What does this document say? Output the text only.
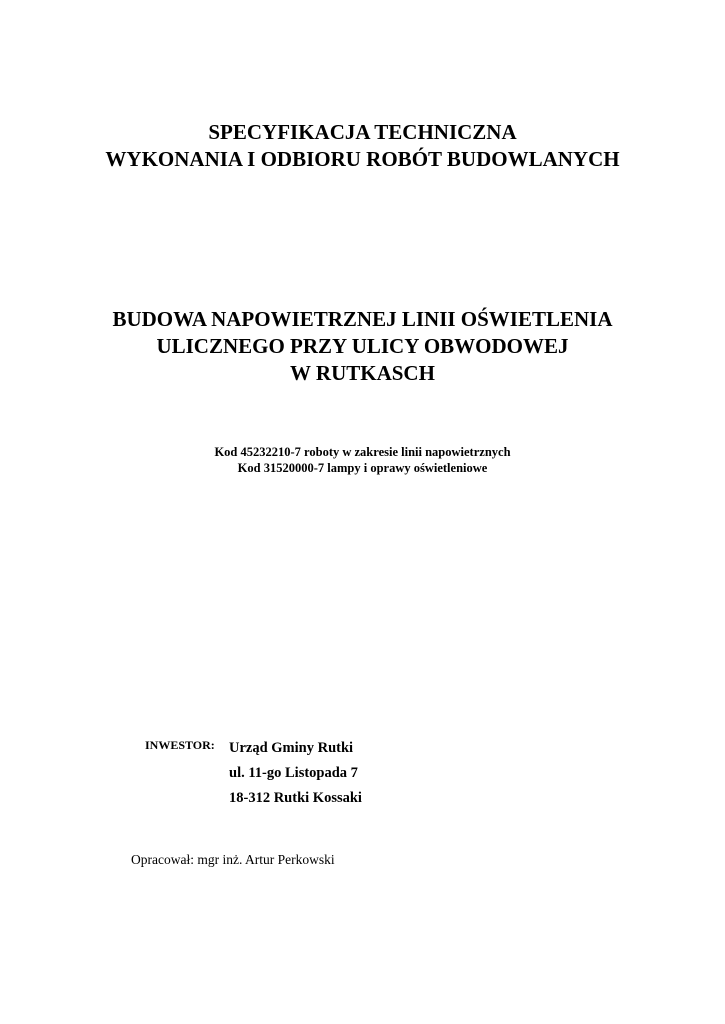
SPECYFIKACJA TECHNICZNA
WYKONANIA I ODBIORU ROBÓT BUDOWLANYCH
BUDOWA NAPOWIETRZNEJ LINII OŚWIETLENIA
ULICZNEGO PRZY ULICY OBWODOWEJ
W RUTKASCH
Kod 45232210-7 roboty w zakresie linii napowietrznych
Kod 31520000-7 lampy i oprawy oświetleniowe
INWESTOR: Urząd Gminy Rutki
ul. 11-go Listopada 7
18-312 Rutki Kossaki
Opracował: mgr inż. Artur Perkowski
